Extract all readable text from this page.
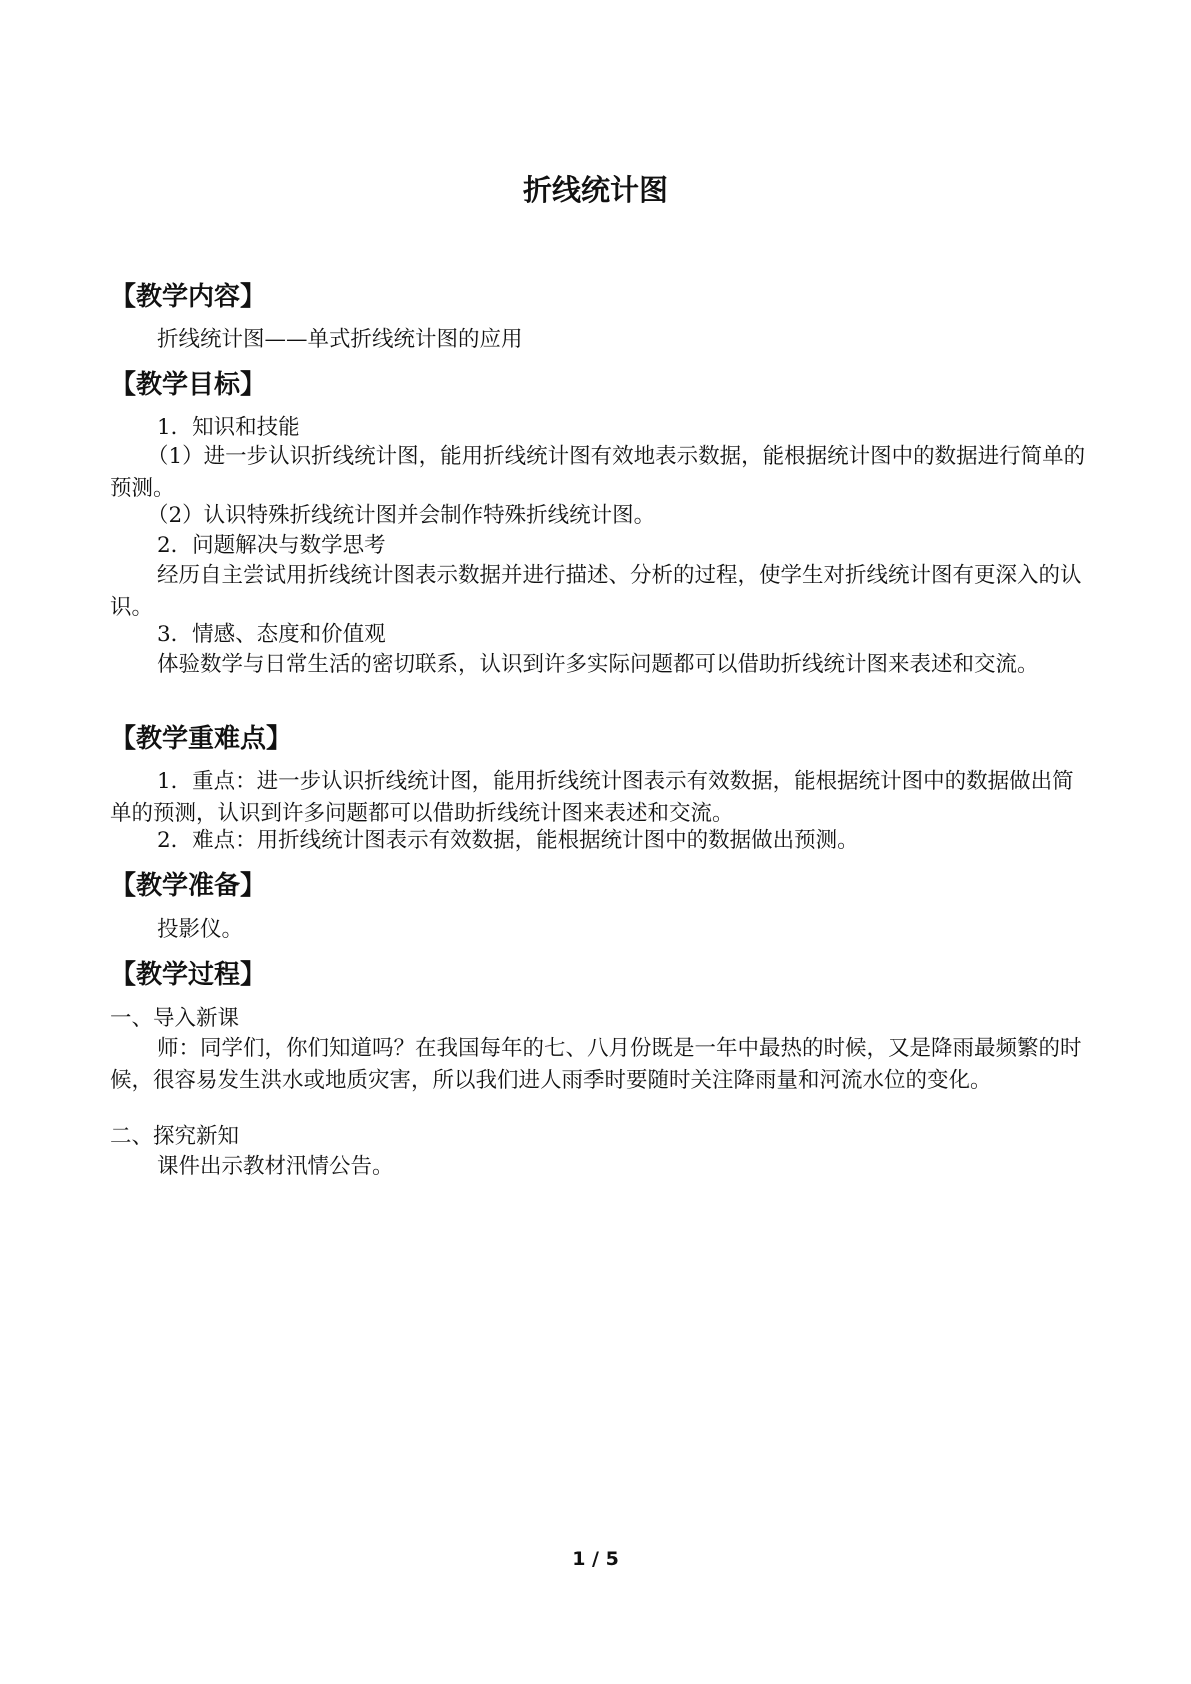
折线统计图
【教学内容】

折线统计图——单式折线统计图的应用

【教学目标】

1．知识和技能

（1）进一步认识折线统计图，能用折线统计图有效地表示数据，能根据统计图中的数据进行简单的预测。

（2）认识特殊折线统计图并会制作特殊折线统计图。

2．问题解决与数学思考

经历自主尝试用折线统计图表示数据并进行描述、分析的过程，使学生对折线统计图有更深入的认识。

3．情感、态度和价值观

体验数学与日常生活的密切联系，认识到许多实际问题都可以借助折线统计图来表述和交流。

【教学重难点】

1．重点：进一步认识折线统计图，能用折线统计图表示有效数据，能根据统计图中的数据做出简单的预测，认识到许多问题都可以借助折线统计图来表述和交流。

2．难点：用折线统计图表示有效数据，能根据统计图中的数据做出预测。

【教学准备】

投影仪。

【教学过程】

一、导入新课

师：同学们，你们知道吗？在我国每年的七、八月份既是一年中最热的时候，又是降雨最频繁的时候，很容易发生洪水或地质灾害，所以我们进人雨季时要随时关注降雨量和河流水位的变化。

二、探究新知

课件出示教材汛情公告。

1 / 5
